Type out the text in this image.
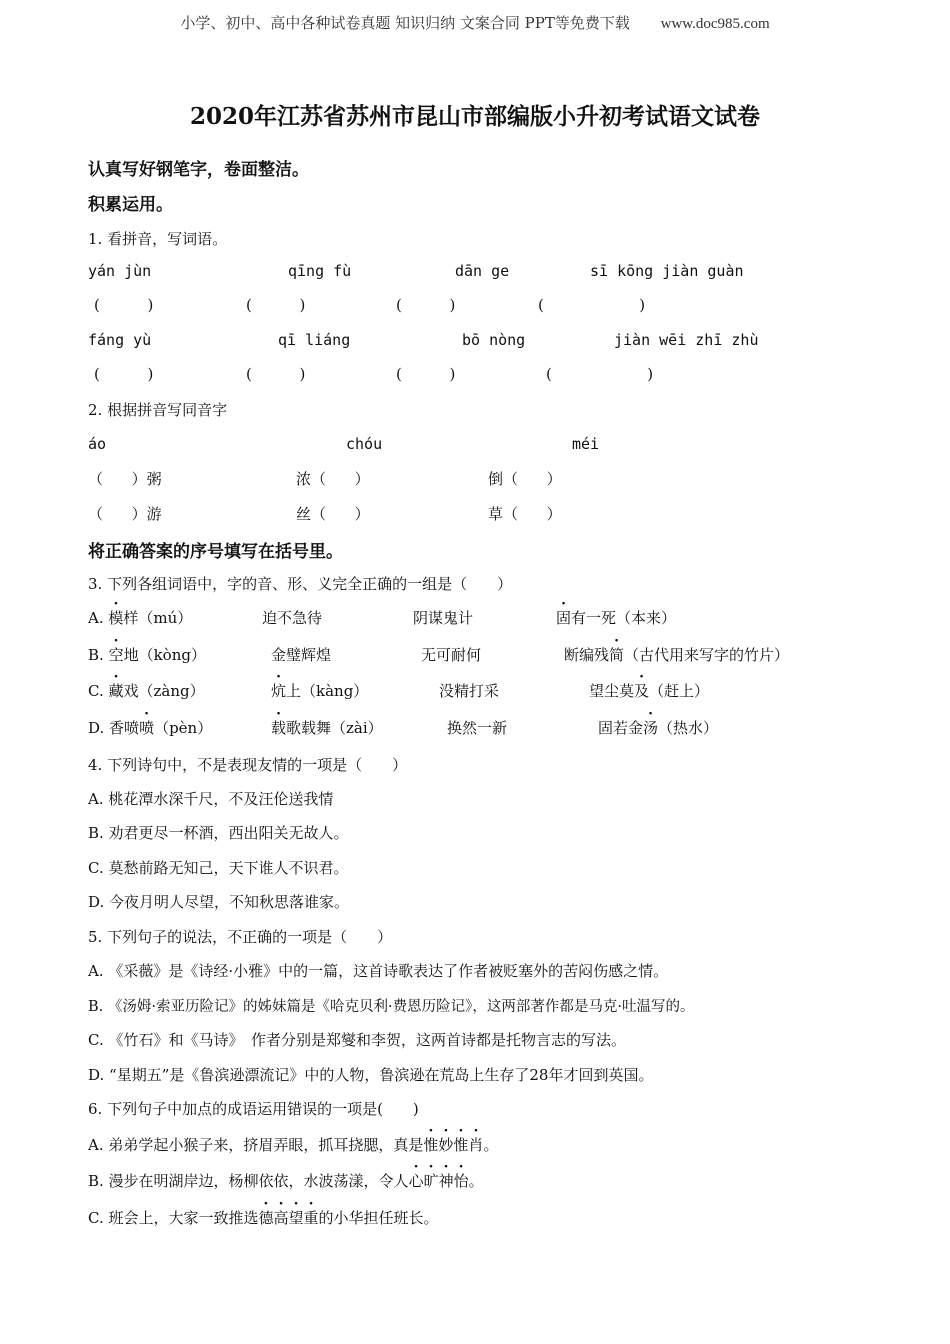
小学、初中、高中各种试卷真题 知识归纳 文案合同 PPT等免费下载 www.doc985.com
2020年江苏省苏州市昆山市部编版小升初考试语文试卷
认真写好钢笔字，卷面整洁。
积累运用。
1. 看拼音，写词语。
yán jùn	qīng fù	dān ge	sī kōng jiàn guàn
(          )	(          )	(          )	(                    )
fáng yù	qī liáng	bō nòng	jiàn wēi zhī zhù
(          )	(          )	(          )	(                    )
2. 根据拼音写同音字
áo	chóu	méi
（      ）粥	浓（      ）	倒（      ）
（      ）游	丝（      ）	草（      ）
将正确答案的序号填写在括号里。
3. 下列各组词语中，字的音、形、义完全正确的一组是（　　）
A. 模样（mú）	迫不急待	阴谋鬼计	固有一死（本来）
B. 空地（kòng）	金璧辉煌	无可耐何	断编残简（古代用来写字的竹片）
C. 藏戏（zàng）	炕上（kàng）	没精打采	望尘莫及（赶上）
D. 香喷喷（pèn）	载歌载舞（zài）	换然一新	固若金汤（热水）
4. 下列诗句中，不是表现友情的一项是（　　）
A. 桃花潭水深千尺，不及汪伦送我情
B. 劝君更尽一杯酒，西出阳关无故人。
C. 莫愁前路无知己，天下谁人不识君。
D. 今夜月明人尽望，不知秋思落谁家。
5. 下列句子的说法，不正确的一项是（　　）
A. 《采薇》是《诗经·小雅》中的一篇，这首诗歌表达了作者被贬塞外的苦闷伤感之情。
B. 《汤姆·索亚历险记》的姊妹篇是《哈克贝利·费恩历险记》，这两部著作都是马克·吐温写的。
C. 《竹石》和《马诗》　作者分别是郑燮和李贺，这两首诗都是托物言志的写法。
D. “星期五”是《鲁滨逊漂流记》中的人物，鲁滨逊在荒岛上生存了28年才回到英国。
6. 下列句子中加点的成语运用错误的一项是(　　)
A. 弟弟学起小猴子来，挤眉弄眼，抓耳挠腮，真是惟妙惟肖。
B. 漫步在明湖岸边，杨柳依依，水波荡漾，令人心旷神怡。
C. 班会上，大家一致推选德高望重的小华担任班长。
